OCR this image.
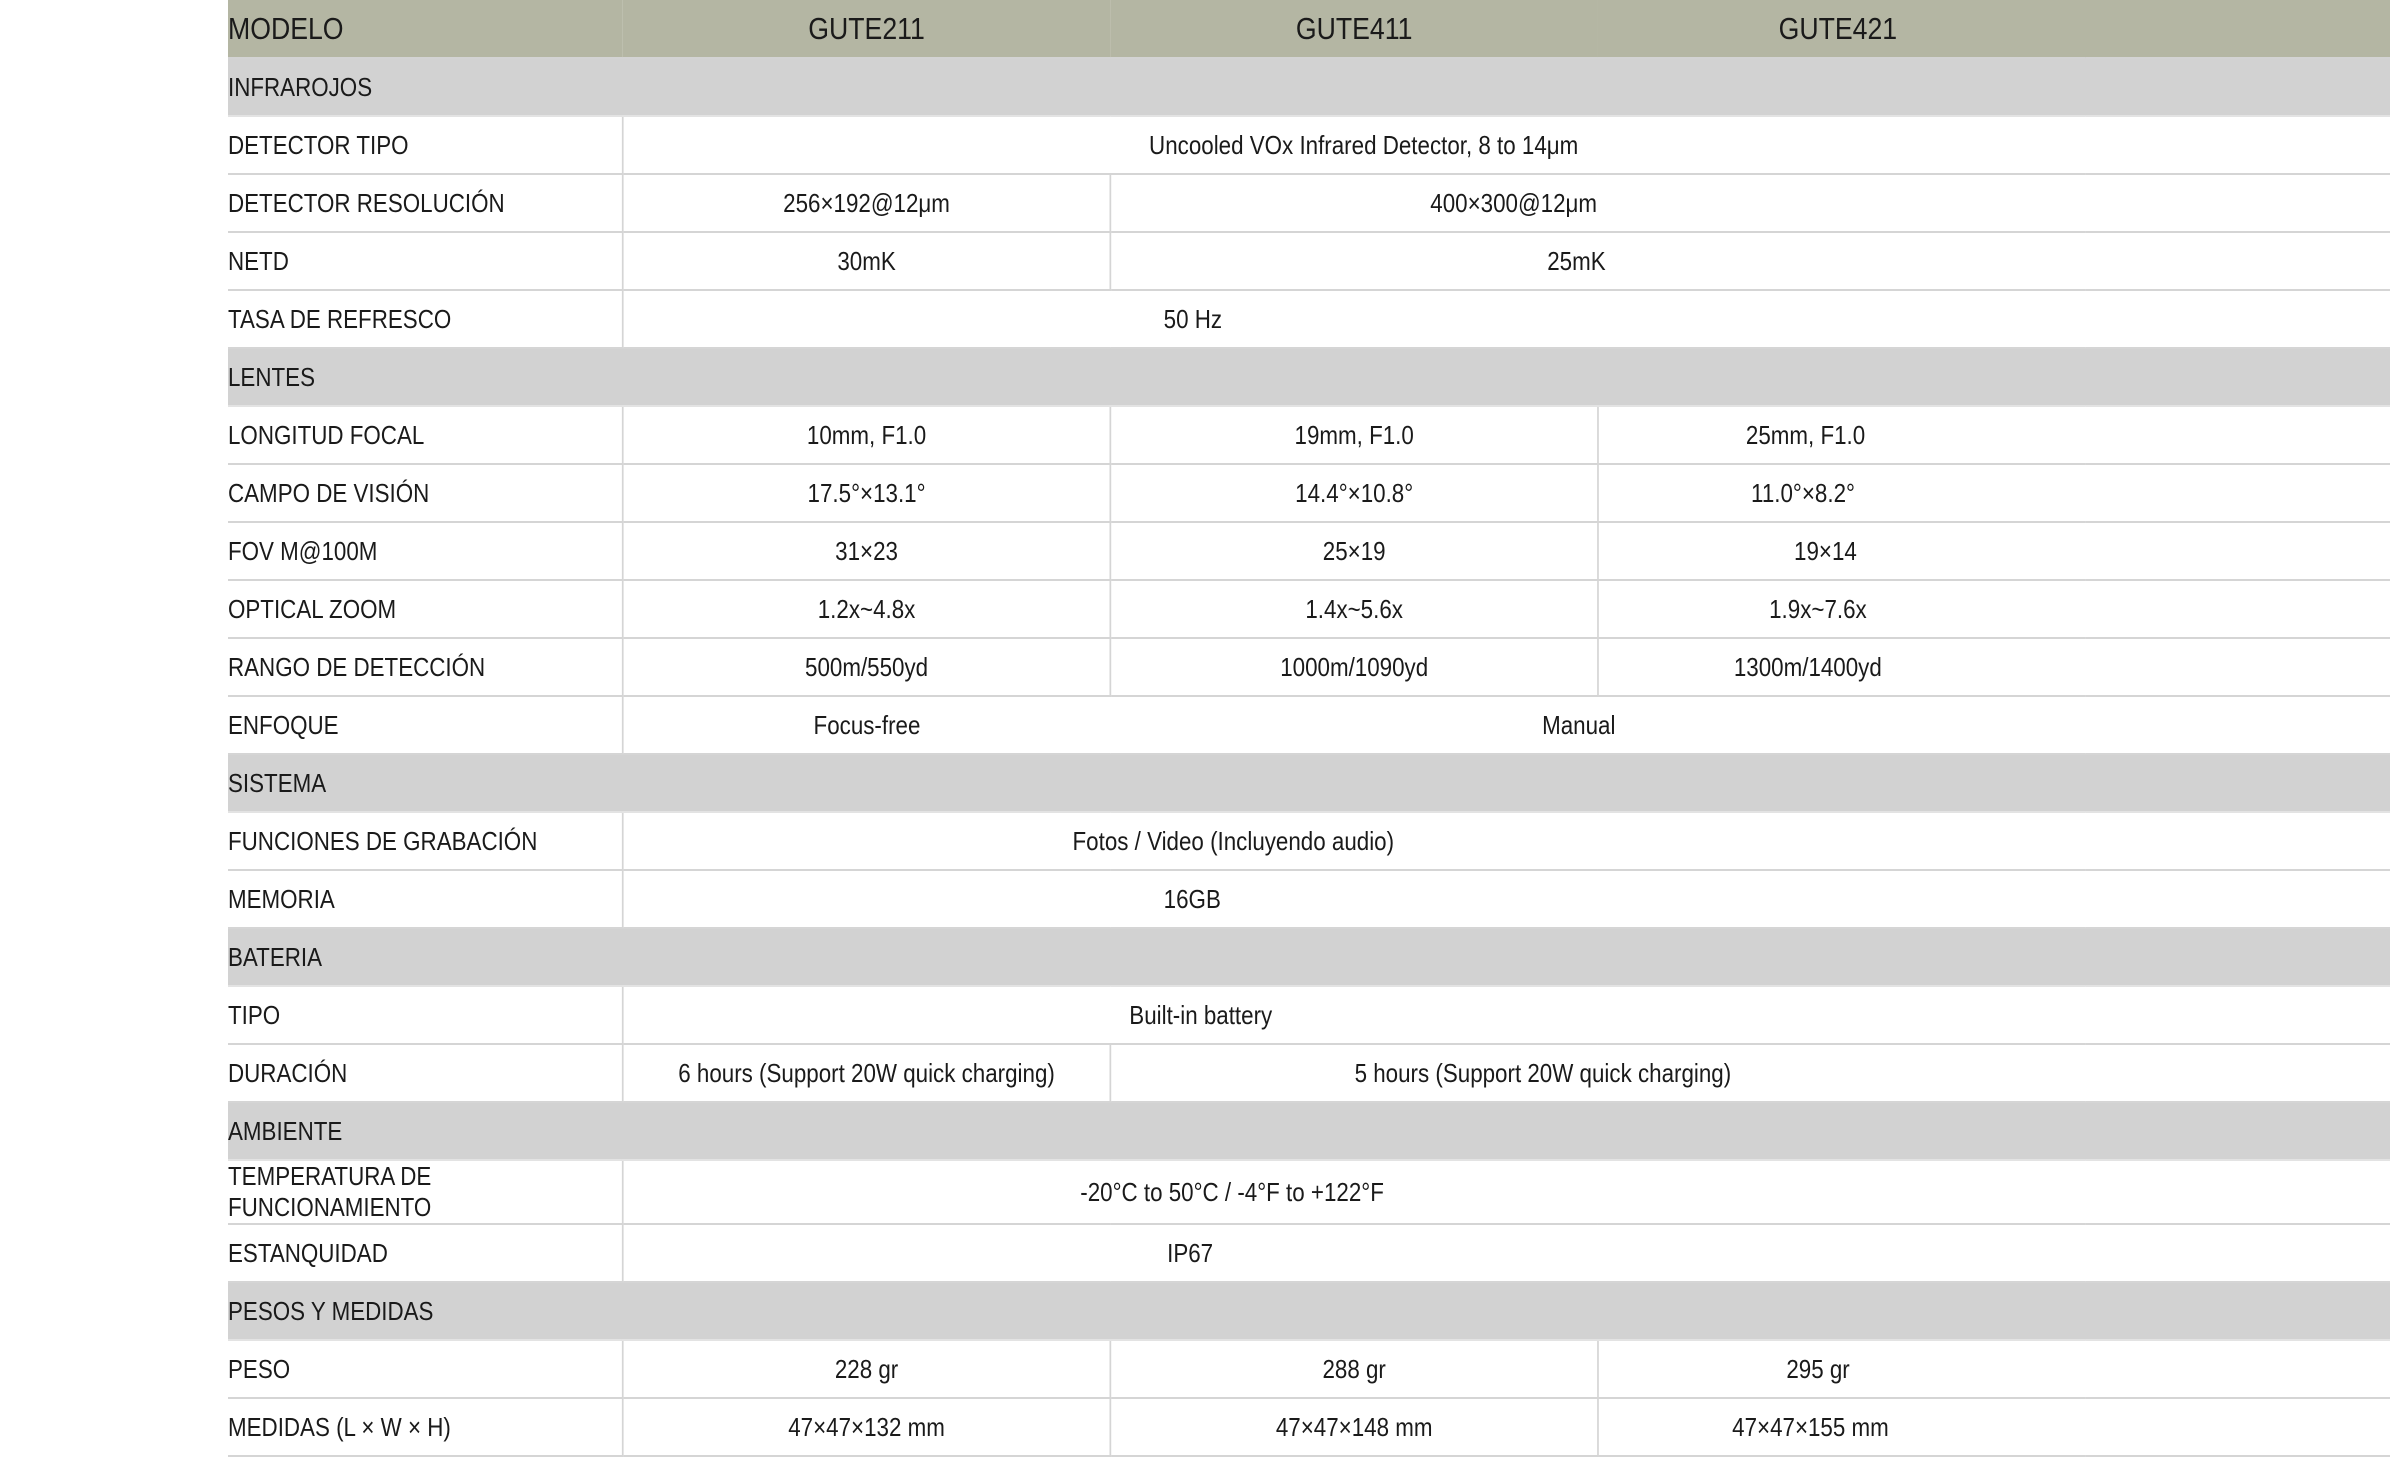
MODELO	GUTE211	GUTE411	GUTE421
INFRAROJOS			
DETECTOR TIPO	Uncooled VOx Infrared Detector, 8 to 14μm		
DETECTOR RESOLUCIÓN	256×192@12μm	400×300@12μm	
NETD	30mK	25mK	
TASA DE REFRESCO	50 Hz		
LENTES			
LONGITUD FOCAL	10mm, F1.0	19mm, F1.0	25mm, F1.0
CAMPO DE VISIÓN	17.5°×13.1°	14.4°×10.8°	11.0°×8.2°
FOV M@100M	31×23	25×19	19×14
OPTICAL ZOOM	1.2x~4.8x	1.4x~5.6x	1.9x~7.6x
RANGO DE DETECCIÓN	500m/550yd	1000m/1090yd	1300m/1400yd
ENFOQUE	Focus-free	Manual	
SISTEMA			
FUNCIONES DE GRABACIÓN	Fotos / Video (Incluyendo audio)		
MEMORIA	16GB		
BATERIA			
TIPO	Built-in battery		
DURACIÓN	6 hours (Support 20W quick charging)	5 hours (Support 20W quick charging)	
AMBIENTE			
TEMPERATURA DE FUNCIONAMIENTO	-20°C to 50°C / -4°F to +122°F		
ESTANQUIDAD	IP67		
PESOS Y MEDIDAS			
PESO	228 gr	288 gr	295 gr
MEDIDAS (L × W × H)	47×47×132 mm	47×47×148 mm	47×47×155 mm
